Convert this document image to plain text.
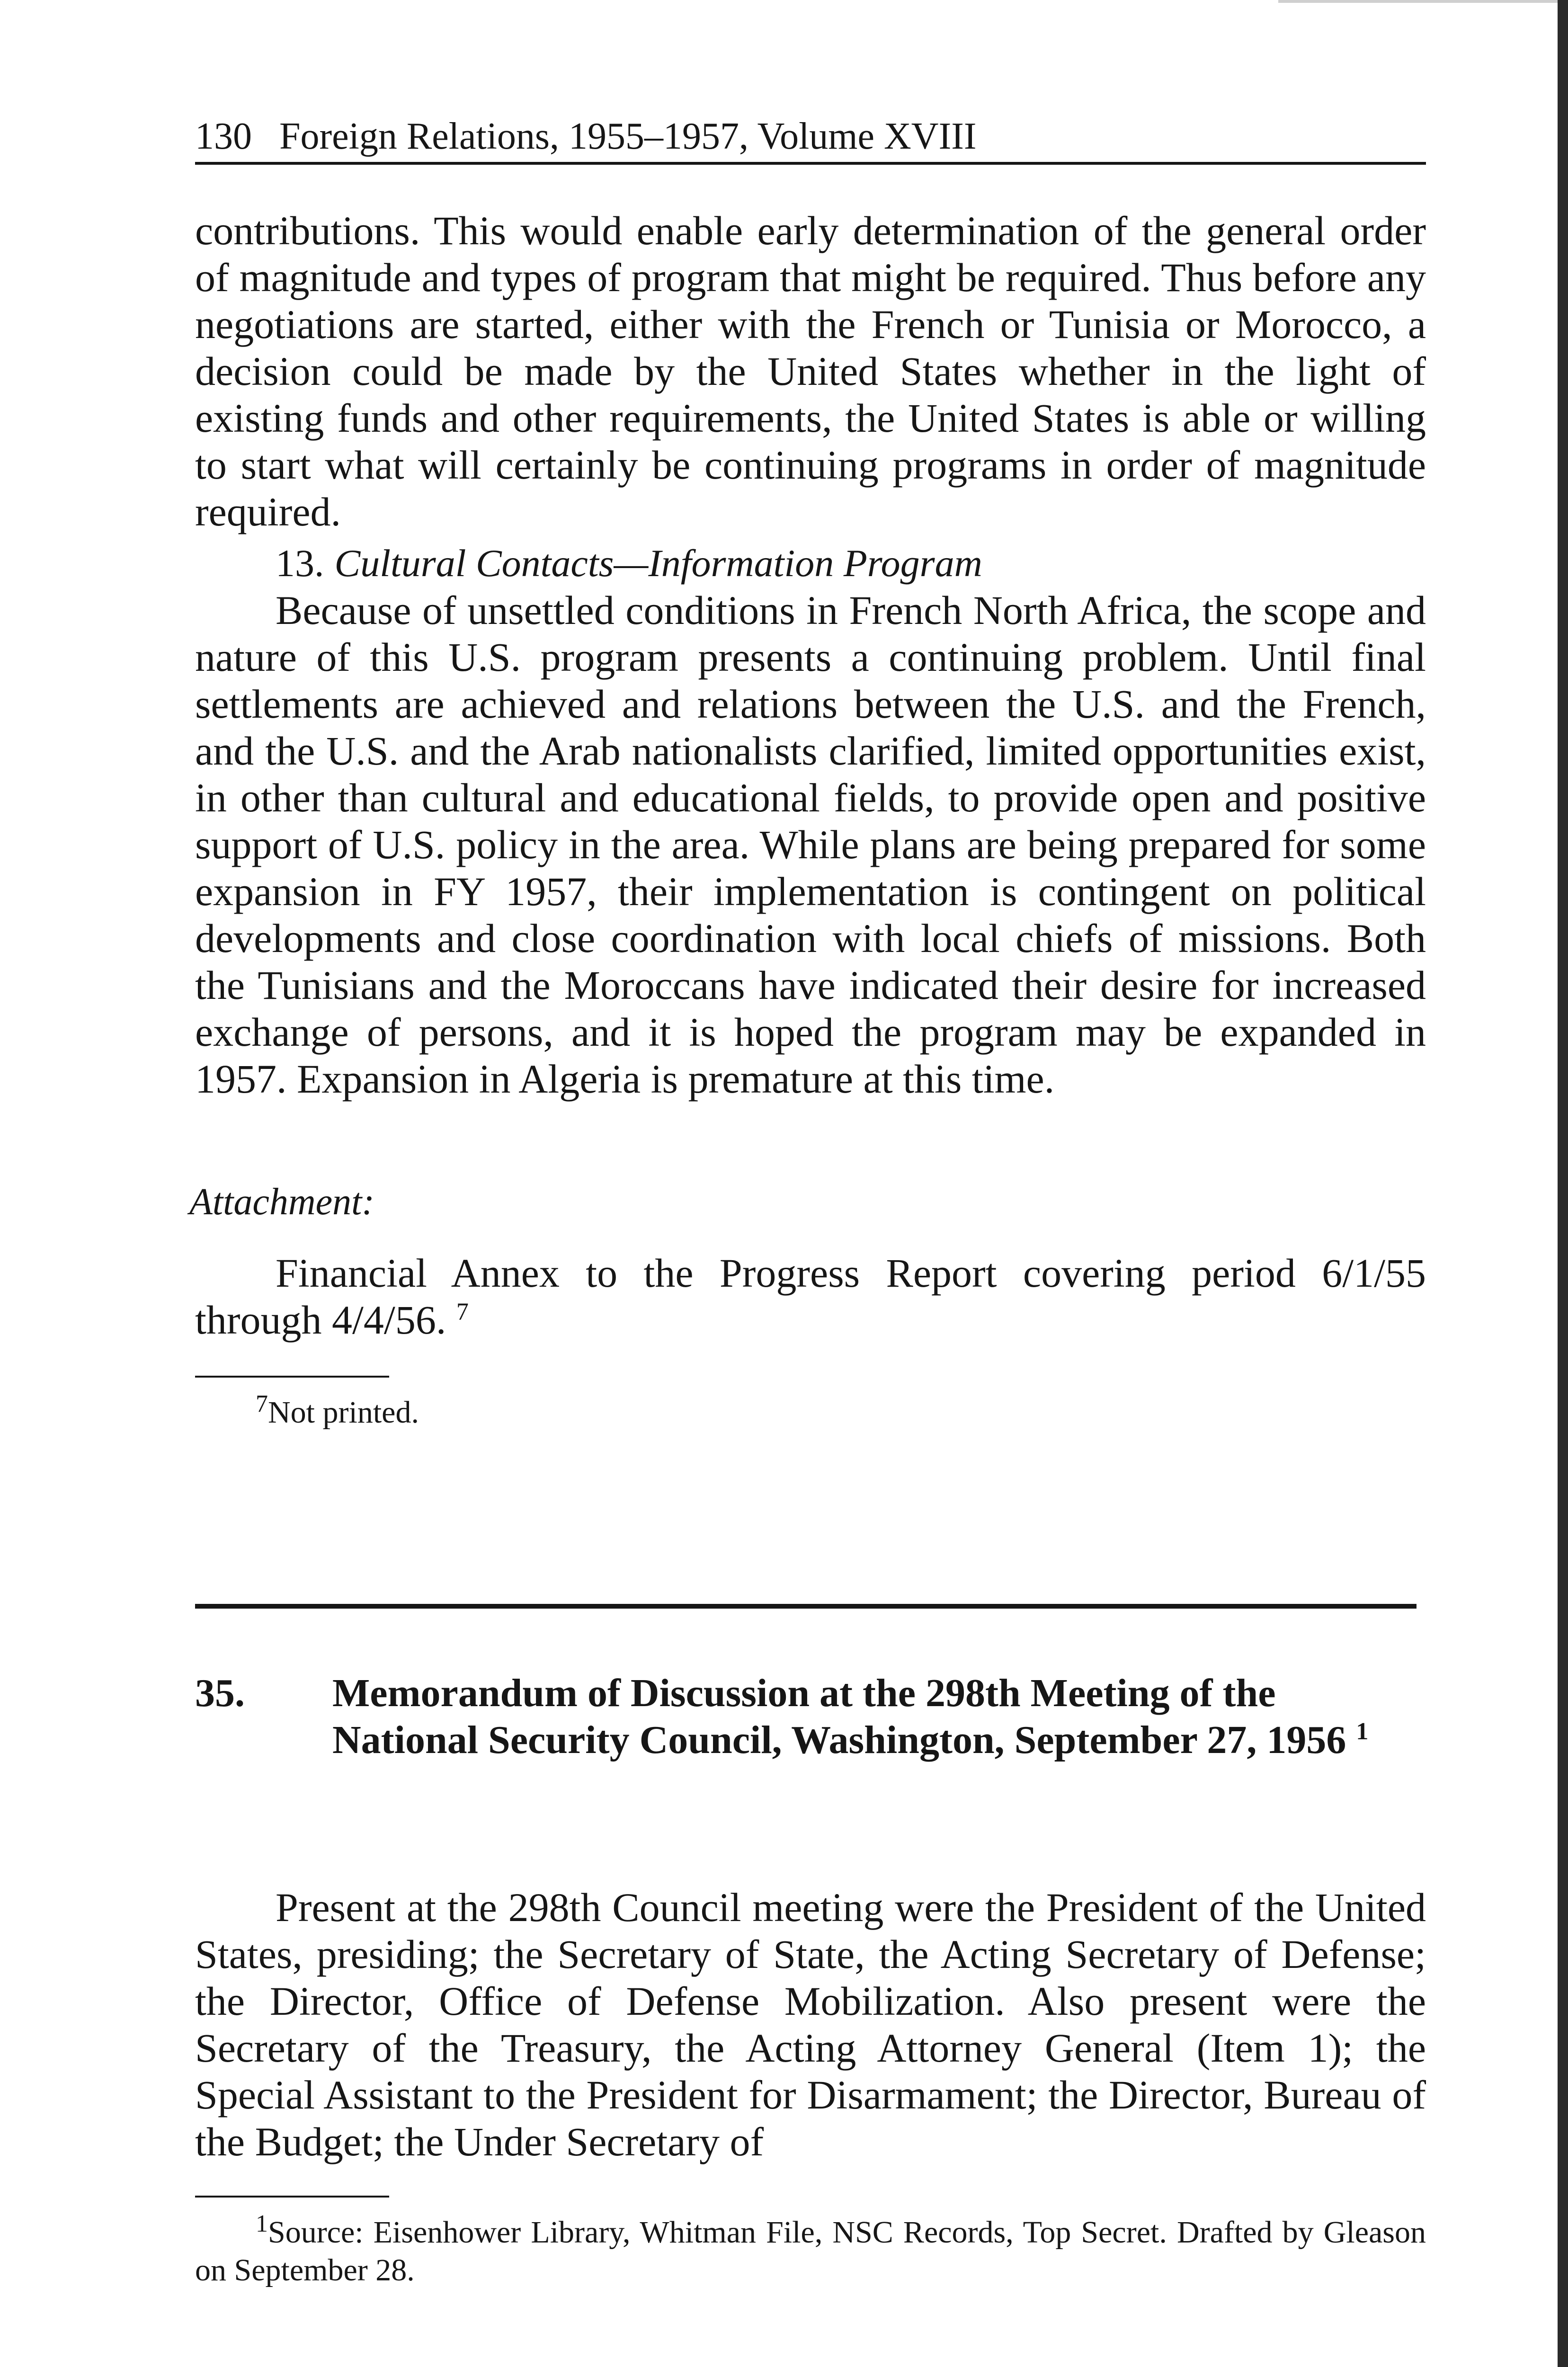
130 Foreign Relations, 1955–1957, Volume XVIII

contributions. This would enable early determination of the general order of magnitude and types of program that might be required. Thus before any negotiations are started, either with the French or Tunisia or Morocco, a decision could be made by the United States whether in the light of existing funds and other requirements, the United States is able or willing to start what will certainly be continuing programs in order of magnitude required.

13. Cultural Contacts—Information Program

Because of unsettled conditions in French North Africa, the scope and nature of this U.S. program presents a continuing problem. Until final settlements are achieved and relations between the U.S. and the French, and the U.S. and the Arab nationalists clarified, limited opportunities exist, in other than cultural and educational fields, to provide open and positive support of U.S. policy in the area. While plans are being prepared for some expansion in FY 1957, their implementation is contingent on political developments and close coordination with local chiefs of missions. Both the Tunisians and the Moroccans have indicated their desire for increased exchange of persons, and it is hoped the program may be expanded in 1957. Expansion in Algeria is premature at this time.

Attachment:

Financial Annex to the Progress Report covering period 6/1/55 through 4/4/56. $^7$

$^7$Not printed.

35. Memorandum of Discussion at the 298th Meeting of the National Security Council, Washington, September 27, 1956 $^1$

Present at the 298th Council meeting were the President of the United States, presiding; the Secretary of State, the Acting Secretary of Defense; the Director, Office of Defense Mobilization. Also present were the Secretary of the Treasury, the Acting Attorney General (Item 1); the Special Assistant to the President for Disarmament; the Director, Bureau of the Budget; the Under Secretary of

$^1$Source: Eisenhower Library, Whitman File, NSC Records, Top Secret. Drafted by Gleason on September 28.
